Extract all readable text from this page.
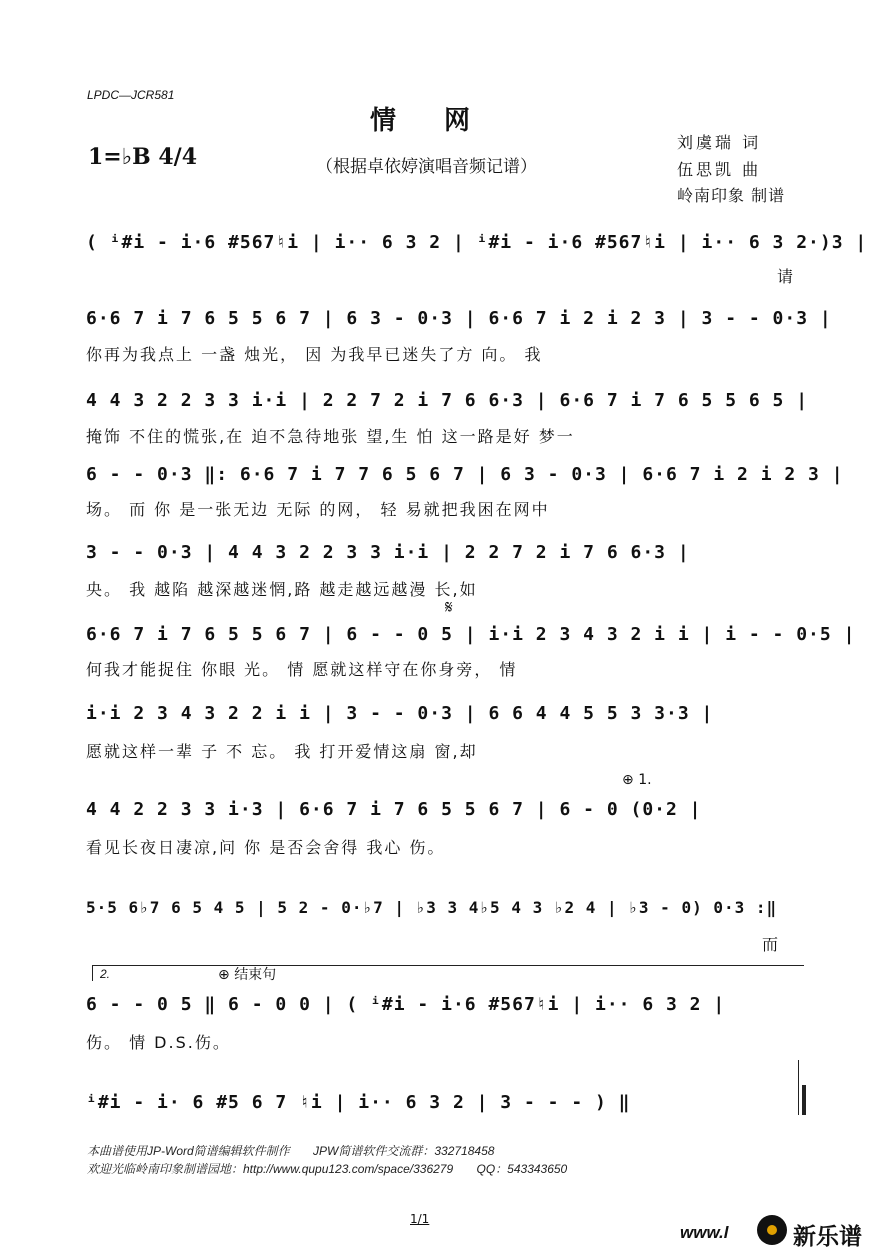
LPDC—JCR581
情网
1=♭B 4/4	（根据卓依婷演唱音频记谱）
刘虞瑞 词
伍思凯 曲
岭南印象 制谱
( ⁱ#i - i·6 #567♮i | i·· 6 3 2 | ⁱ#i - i·6 #567♮i | i·· 6 3 2·)3 |
请
6·6 7 i 7 6 5 5 6 7 | 6 3 - 0·3 | 6·6 7 i 2 i 2 3 | 3 - - 0·3 |
你再为我点上 一盏 烛光， 因 为我早已迷失了方 向。 我
4 4 3 2 2 3 3 i·i | 2 2 7 2 i 7 6 6·3 | 6·6 7 i 7 6 5 5 6 5 |
掩饰 不住的慌张,在 迫不急待地张 望,生 怕 这一路是好 梦一
6 - - 0·3 ‖: 6·6 7 i 7 7 6 5 6 7 | 6 3 - 0·3 | 6·6 7 i 2 i 2 3 |
场。 而 你 是一张无边 无际 的网， 轻 易就把我困在网中
3 - - 0·3 | 4 4 3 2 2 3 3 i·i | 2 2 7 2 i 7 6 6·3 |
央。 我 越陷 越深越迷惘,路 越走越远越漫 长,如
𝄋
6·6 7 i 7 6 5 5 6 7 | 6 - - 0 5 | i·i 2 3 4 3 2 i i | i - - 0·5 |
何我才能捉住 你眼 光。 情 愿就这样守在你身旁， 情
i·i 2 3 4 3 2 2 i i | 3 - - 0·3 | 6 6 4 4 5 5 3 3·3 |
愿就这样一辈 子 不 忘。 我 打开爱情这扇 窗,却
⊕ 1.
4 4 2 2 3 3 i·3 | 6·6 7 i 7 6 5 5 6 7 | 6 - 0 (0·2 |
看见长夜日凄凉,问 你 是否会舍得 我心 伤。
5·5 6♭7 6 5 4 5 | 5 2 - 0·♭7 | ♭3 3 4♭5 4 3 ♭2 4 | ♭3 - 0) 0·3 :‖
而
2.	⊕ 结束句
6 - - 0 5 ‖ 6 - 0 0 | ( ⁱ#i - i·6 #567♮i | i·· 6 3 2 |
伤。 情 D.S.伤。
ⁱ#i - i· 6 #5 6 7 ♮i | i·· 6 3 2 | 3 - - - ) ‖
本曲谱使用JP-Word简谱编辑软件制作 JPW简谱软件交流群：332718458
欢迎光临岭南印象制谱园地：http://www.qupu123.com/space/336279 QQ：543343650
1/1
www.l	新乐谱
